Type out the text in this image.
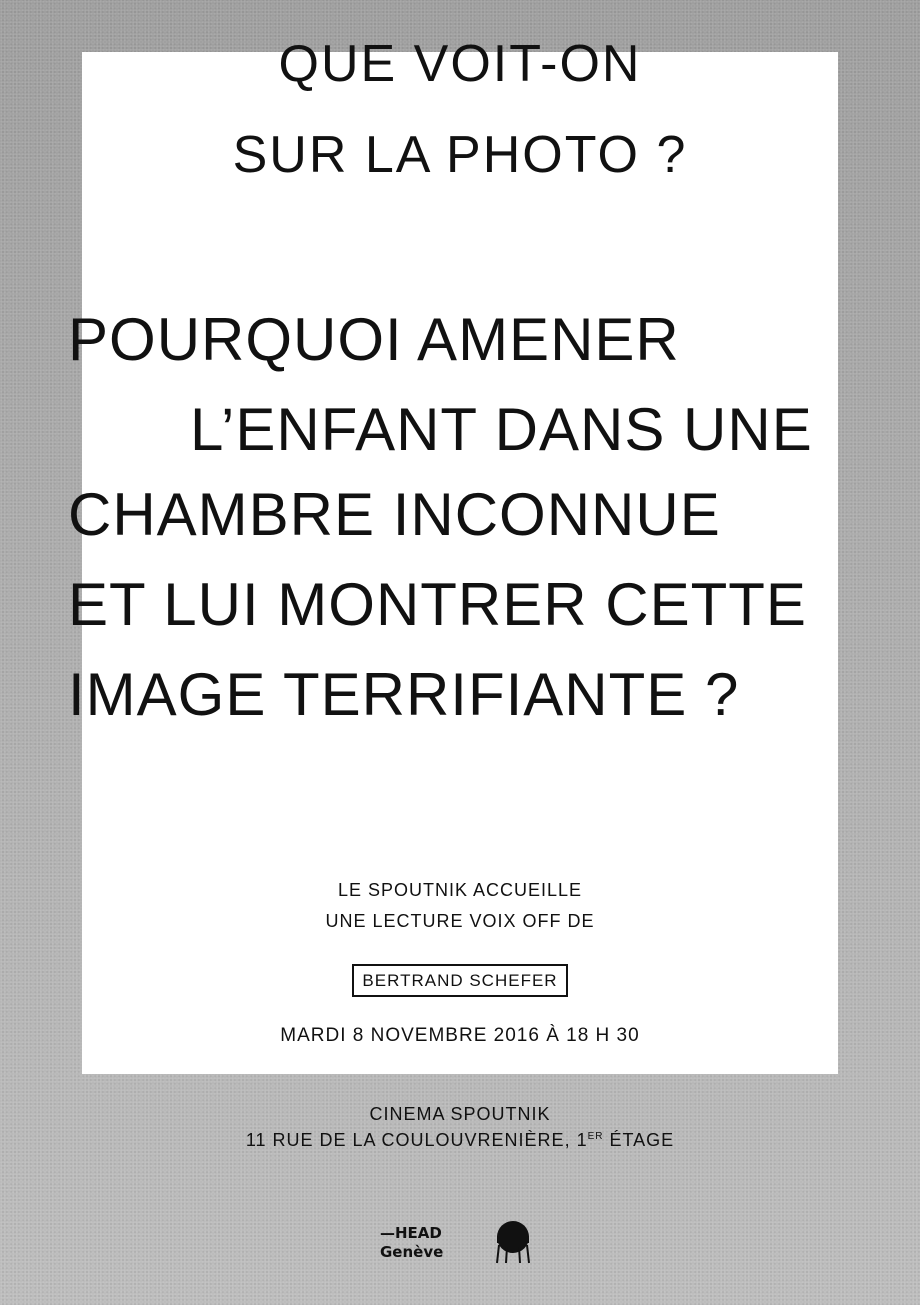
QUE VOIT-ON
SUR LA PHOTO ?
POURQUOI AMENER
L’ENFANT DANS UNE
CHAMBRE INCONNUE
ET LUI MONTRER CETTE
IMAGE TERRIFIANTE ?
LE SPOUTNIK ACCUEILLE
UNE LECTURE VOIX OFF DE
BERTRAND SCHEFER
MARDI 8 NOVEMBRE 2016 À 18 H 30
CINEMA SPOUTNIK
11 RUE DE LA COULOUVRENIÈRE, 1ER ÉTAGE
—HEAD
Genève
